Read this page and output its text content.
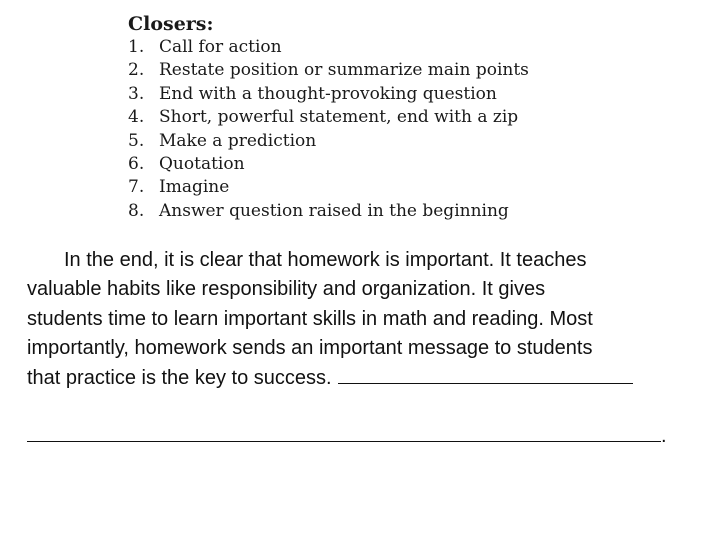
Closers:
1. Call for action
2. Restate position or summarize main points
3. End with a thought-provoking question
4. Short, powerful statement, end with a zip
5. Make a prediction
6. Quotation
7. Imagine
8. Answer question raised in the beginning
In the end, it is clear that homework is important. It teaches
valuable habits like responsibility and organization. It gives
students time to learn important skills in math and reading. Most
importantly, homework sends an important message to students
that practice is the key to success.
.
